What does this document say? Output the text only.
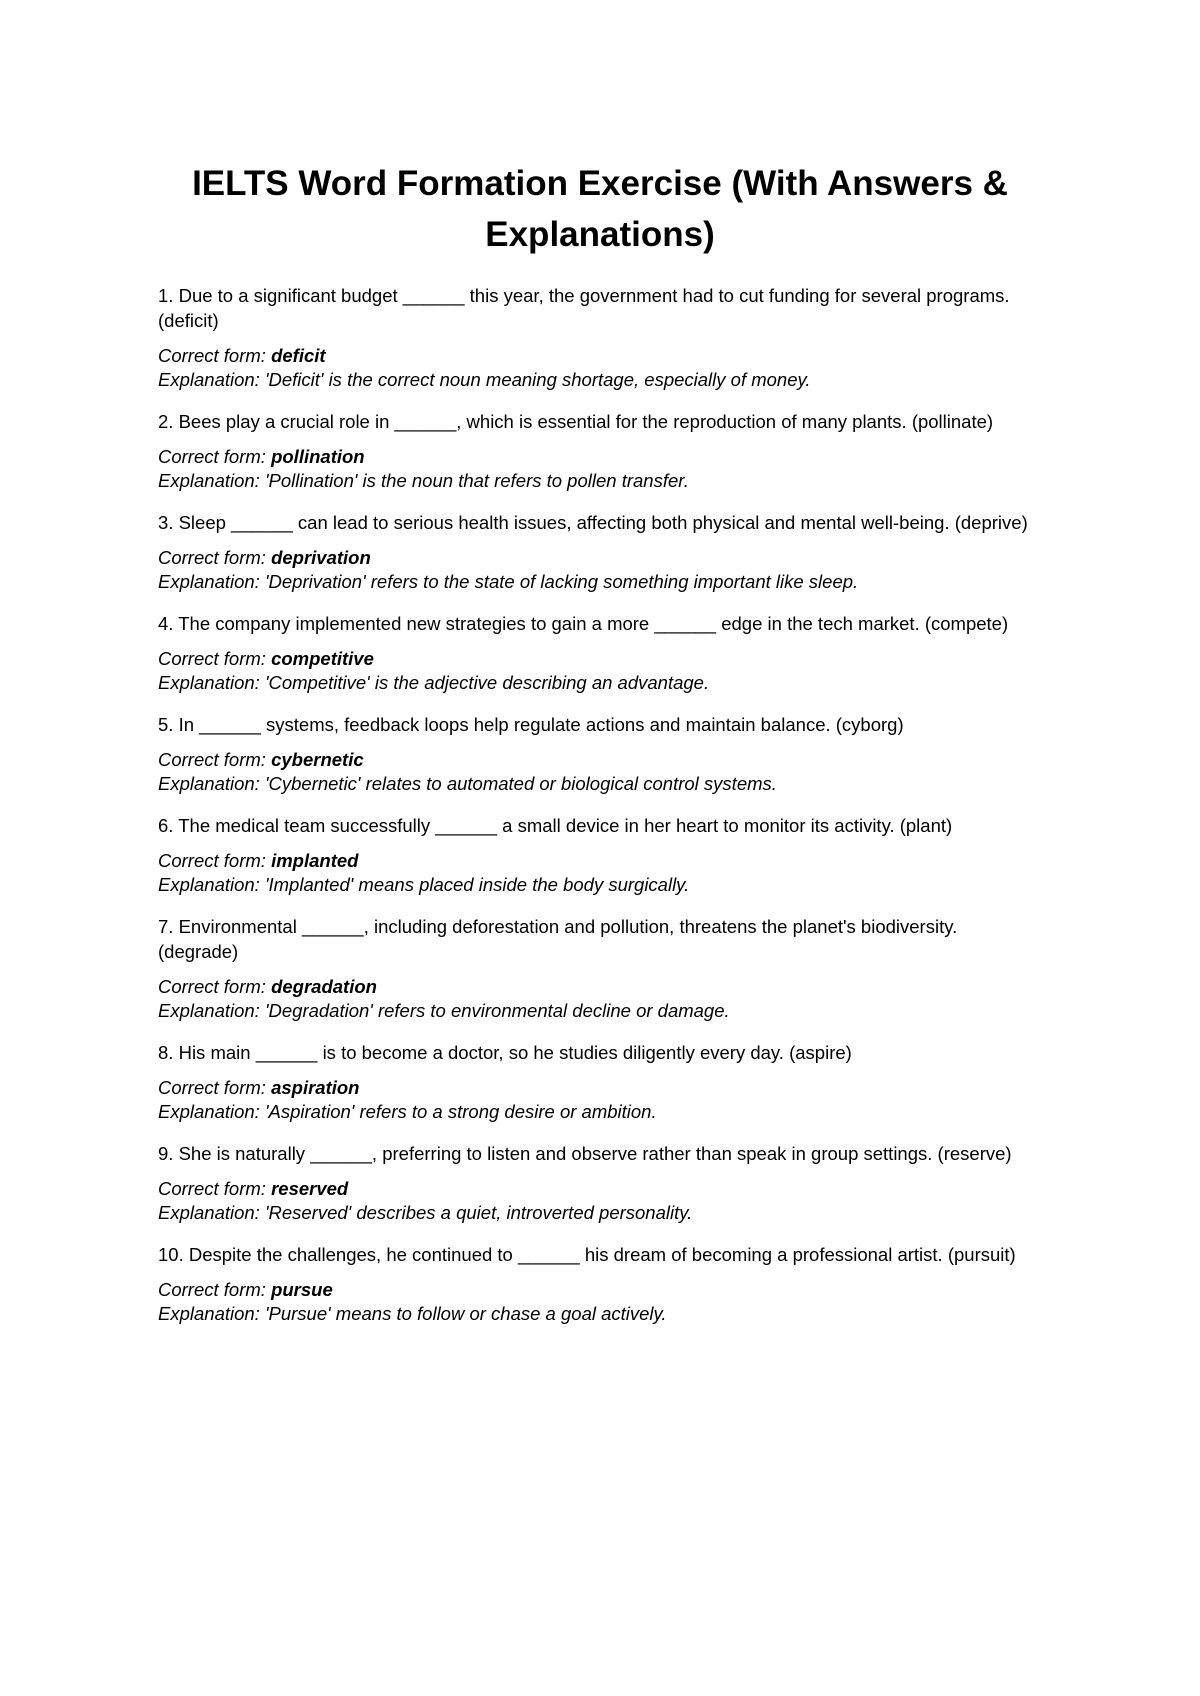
IELTS Word Formation Exercise (With Answers & Explanations)

1. Due to a significant budget ______ this year, the government had to cut funding for several programs. (deficit)

Correct form: deficit
Explanation: 'Deficit' is the correct noun meaning shortage, especially of money.

2. Bees play a crucial role in ______, which is essential for the reproduction of many plants. (pollinate)

Correct form: pollination
Explanation: 'Pollination' is the noun that refers to pollen transfer.

3. Sleep ______ can lead to serious health issues, affecting both physical and mental well-being. (deprive)

Correct form: deprivation
Explanation: 'Deprivation' refers to the state of lacking something important like sleep.

4. The company implemented new strategies to gain a more ______ edge in the tech market. (compete)

Correct form: competitive
Explanation: 'Competitive' is the adjective describing an advantage.

5. In ______ systems, feedback loops help regulate actions and maintain balance. (cyborg)

Correct form: cybernetic
Explanation: 'Cybernetic' relates to automated or biological control systems.

6. The medical team successfully ______ a small device in her heart to monitor its activity. (plant)

Correct form: implanted
Explanation: 'Implanted' means placed inside the body surgically.

7. Environmental ______, including deforestation and pollution, threatens the planet's biodiversity. (degrade)

Correct form: degradation
Explanation: 'Degradation' refers to environmental decline or damage.

8. His main ______ is to become a doctor, so he studies diligently every day. (aspire)

Correct form: aspiration
Explanation: 'Aspiration' refers to a strong desire or ambition.

9. She is naturally ______, preferring to listen and observe rather than speak in group settings. (reserve)

Correct form: reserved
Explanation: 'Reserved' describes a quiet, introverted personality.

10. Despite the challenges, he continued to ______ his dream of becoming a professional artist. (pursuit)

Correct form: pursue
Explanation: 'Pursue' means to follow or chase a goal actively.
